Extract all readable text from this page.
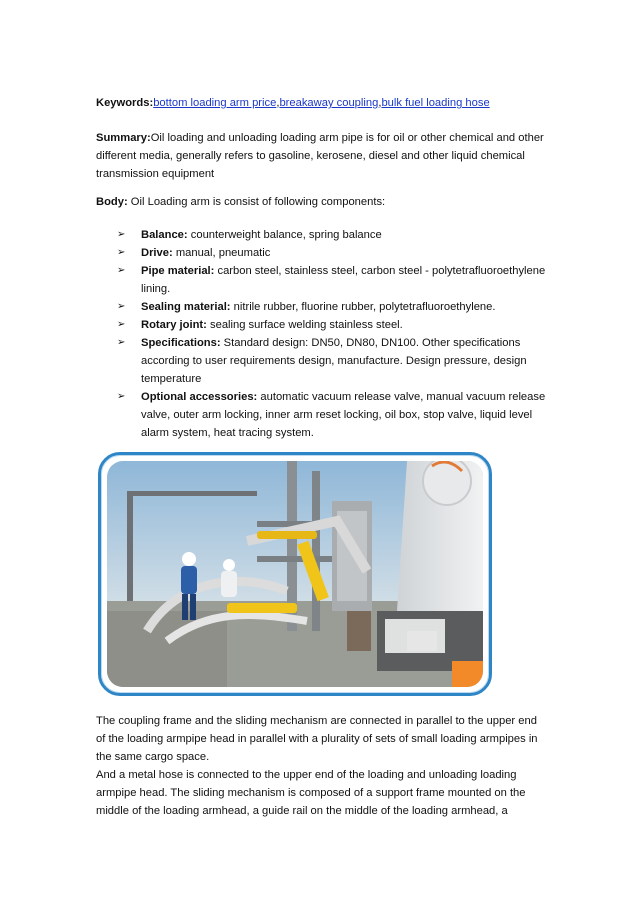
Keywords:bottom loading arm price,breakaway coupling,bulk fuel loading hose
Summary:Oil loading and unloading loading arm pipe is for oil or other chemical and other different media, generally refers to gasoline, kerosene, diesel and other liquid chemical transmission equipment
Body: Oil Loading arm is consist of following components:
➢ Balance: counterweight balance, spring balance
➢ Drive: manual, pneumatic
➢ Pipe material: carbon steel, stainless steel, carbon steel - polytetrafluoroethylene lining.
➢ Sealing material: nitrile rubber, fluorine rubber, polytetrafluoroethylene.
➢ Rotary joint: sealing surface welding stainless steel.
➢ Specifications: Standard design: DN50, DN80, DN100. Other specifications according to user requirements design, manufacture. Design pressure, design temperature
➢ Optional accessories: automatic vacuum release valve, manual vacuum release valve, outer arm locking, inner arm reset locking, oil box, stop valve, liquid level alarm system, heat tracing system.
The coupling frame and the sliding mechanism are connected in parallel to the upper end of the loading armpipe head in parallel with a plurality of sets of small loading armpipes in the same cargo space.
And a metal hose is connected to the upper end of the loading and unloading loading armpipe head. The sliding mechanism is composed of a support frame mounted on the middle of the loading armhead, a guide rail on the middle of the loading armhead, a
